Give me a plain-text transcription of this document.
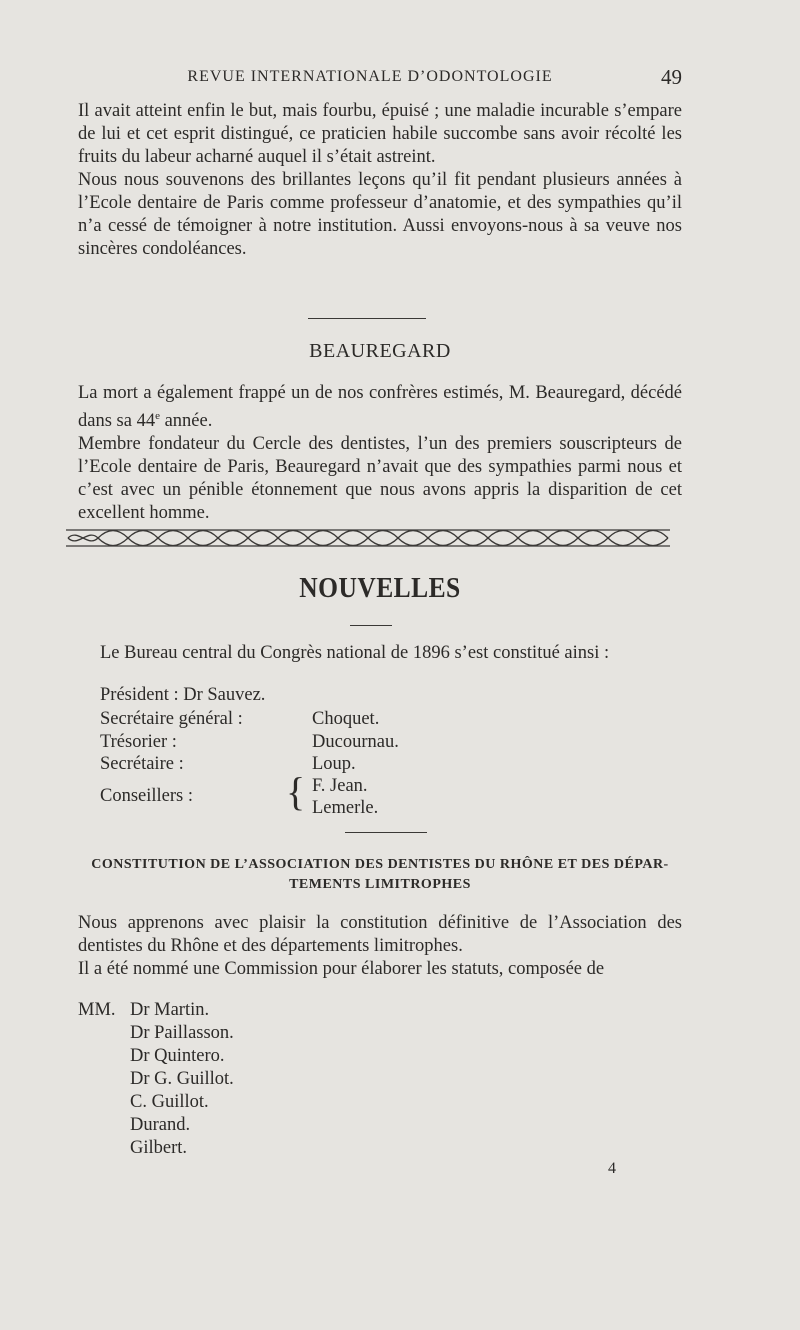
REVUE INTERNATIONALE D’ODONTOLOGIE	49

Il avait atteint enfin le but, mais fourbu, épuisé ; une maladie incurable s’empare de lui et cet esprit distingué, ce praticien habile succombe sans avoir récolté les fruits du labeur acharné auquel il s’était astreint.

Nous nous souvenons des brillantes leçons qu’il fit pendant plusieurs années à l’Ecole dentaire de Paris comme professeur d’anatomie, et des sympathies qu’il n’a cessé de témoigner à notre institution. Aussi envoyons-nous à sa veuve nos sincères condoléances.

BEAUREGARD

La mort a également frappé un de nos confrères estimés, M. Beauregard, décédé dans sa 44e année.

Membre fondateur du Cercle des dentistes, l’un des premiers souscripteurs de l’Ecole dentaire de Paris, Beauregard n’avait que des sympathies parmi nous et c’est avec un pénible étonnement que nous avons appris la disparition de cet excellent homme.

NOUVELLES

Le Bureau central du Congrès national de 1896 s’est constitué ainsi :

Président : Dr Sauvez.
Secrétaire général :	Choquet.
Trésorier :	Ducournau.
Secrétaire :	Loup.
Conseillers : { F. Jean.
Lemerle.
CONSTITUTION DE L’ASSOCIATION DES DENTISTES DU RHÔNE ET DES DÉPAR-
TEMENTS LIMITROPHES

Nous apprenons avec plaisir la constitution définitive de l’Association des dentistes du Rhône et des départements limitrophes.

Il a été nommé une Commission pour élaborer les statuts, composée de

MM. Dr Martin.
Dr Paillasson.
Dr Quintero.
Dr G. Guillot.
C. Guillot.
Durand.
Gilbert.
4
